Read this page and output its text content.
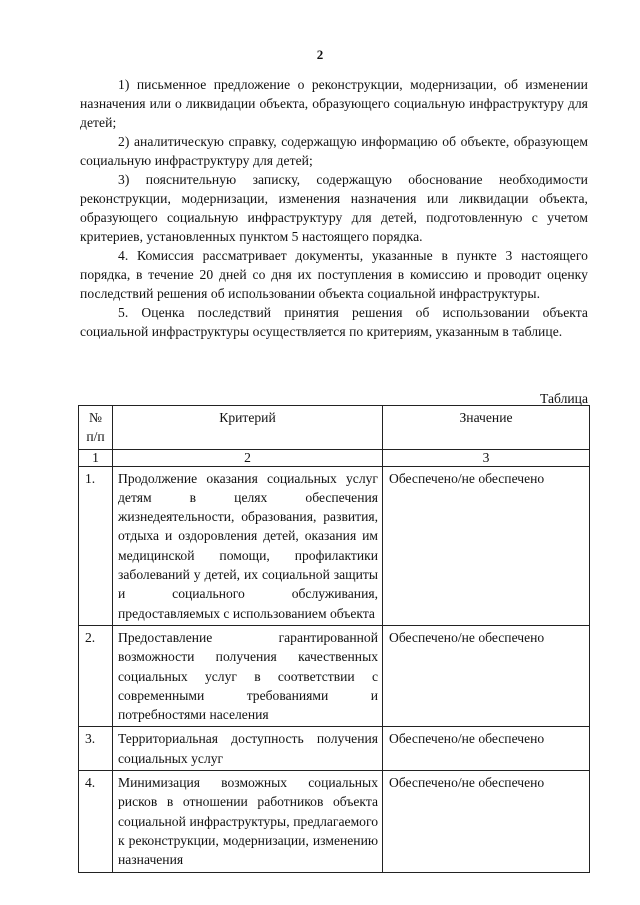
2

1) письменное предложение о реконструкции, модернизации, об изменении назначения или о ликвидации объекта, образующего социальную инфраструктуру для детей;

2) аналитическую справку, содержащую информацию об объекте, образующем социальную инфраструктуру для детей;

3) пояснительную записку, содержащую обоснование необходимости реконструкции, модернизации, изменения назначения или ликвидации объекта, образующего социальную инфраструктуру для детей, подготовленную с учетом критериев, установленных пунктом 5 настоящего порядка.

4. Комиссия рассматривает документы, указанные в пункте 3 настоящего порядка, в течение 20 дней со дня их поступления в комиссию и проводит оценку последствий решения об использовании объекта социальной инфраструктуры.

5. Оценка последствий принятия решения об использовании объекта социальной инфраструктуры осуществляется по критериям, указанным в таблице.

Таблица
№ п/п	Критерий	Значение
1	2	3
1.	Продолжение оказания социальных услуг детям в целях обеспечения жизнедеятельности, образования, развития, отдыха и оздоровления детей, оказания им медицинской помощи, профилактики заболеваний у детей, их социальной защиты и социального обслуживания, предоставляемых с использованием объекта	Обеспечено/не обеспечено
2.	Предоставление гарантированной возможности получения качественных социальных услуг в соответствии с современными требованиями и потребностями населения	Обеспечено/не обеспечено
3.	Территориальная доступность получения социальных услуг	Обеспечено/не обеспечено
4.	Минимизация возможных социальных рисков в отношении работников объекта социальной инфраструктуры, предлагаемого к реконструкции, модернизации, изменению назначения	Обеспечено/не обеспечено
